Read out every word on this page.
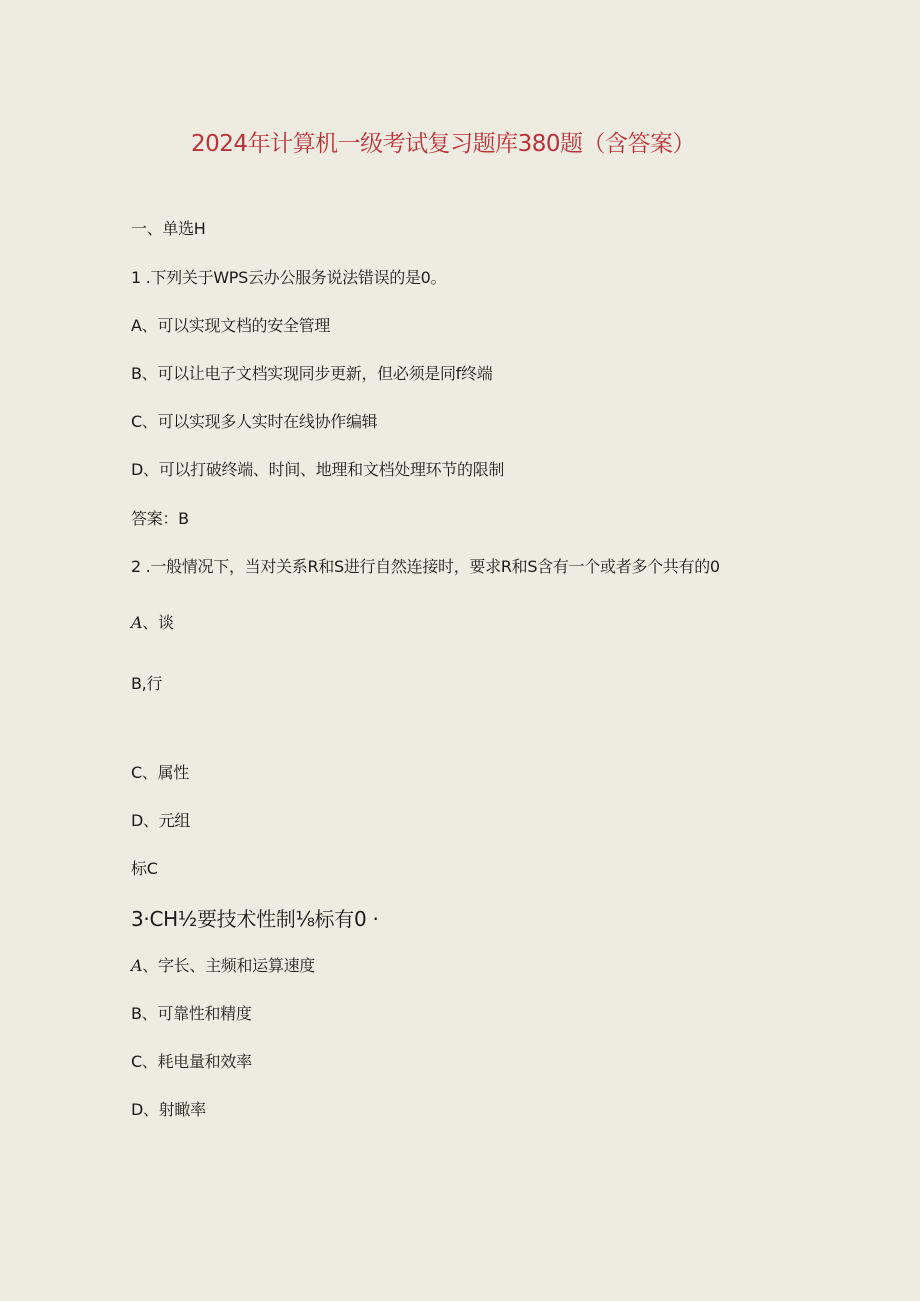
2024年计算机一级考试复习题库380题（含答案）
一、单选H
1 .下列关于WPS云办公服务说法错误的是0。
A、可以实现文档的安全管理
B、可以让电子文档实现同步更新，但必须是同f终端
C、可以实现多人实时在线协作编辑
D、可以打破终端、时间、地理和文档处理环节的限制
答案：B
2 .一般情况下，当对关系R和S进行自然连接时，要求R和S含有一个或者多个共有的0
A、谈
B,行
C、属性
D、元组
标C
3·CH½要技术性制⅛标有0 ·
A、字长、主频和运算速度
B、可靠性和精度
C、耗电量和效率
D、射瞰率
